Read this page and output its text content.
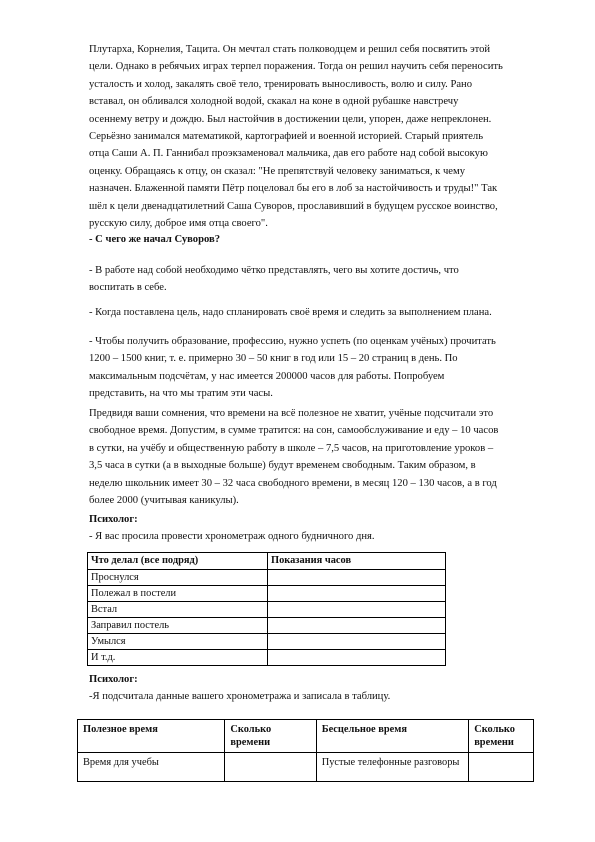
Плутарха, Корнелия, Тацита. Он мечтал стать полководцем и решил себя посвятить этой
цели. Однако в ребячьих играх терпел поражения. Тогда он решил научить себя переносить
усталость и холод, закалять своё тело, тренировать выносливость, волю и силу. Рано
вставал, он обливался холодной водой, скакал на коне в одной рубашке навстречу
осеннему ветру и дождю. Был настойчив в достижении цели, упорен, даже непреклонен.
Серьёзно занимался математикой, картографией и военной историей. Старый приятель
отца Саши А. П. Ганнибал проэкзаменовал мальчика, дав его работе над собой высокую
оценку. Обращаясь к отцу, он сказал: "Не препятствуй человеку заниматься, к чему
назначен. Блаженной памяти Пётр поцеловал бы его в лоб за настойчивость и труды!" Так
шёл к цели двенадцатилетний Саша Суворов, прославивший в будущем русское воинство,
русскую силу, доброе имя отца своего".
- С чего же начал Суворов?
- В работе над собой необходимо чётко представлять, чего вы хотите достичь, что
воспитать в себе.
- Когда поставлена цель, надо спланировать своё время и следить за выполнением плана.
- Чтобы получить образование, профессию, нужно успеть (по оценкам учёных) прочитать
1200 – 1500 книг, т. е. примерно 30 – 50 книг в год или 15 – 20 страниц в день. По
максимальным подсчётам, у нас имеется 200000 часов для работы. Попробуем
представить, на что мы тратим эти часы.
Предвидя ваши сомнения, что времени на всё полезное не хватит, учёные подсчитали это
свободное время. Допустим, в сумме тратится: на сон, самообслуживание и еду – 10 часов
в сутки, на учёбу и общественную работу в школе – 7,5 часов, на приготовление уроков –
3,5 часа в сутки (а в выходные больше) будут временем свободным. Таким образом, в
неделю школьник имеет 30 – 32 часа свободного времени, в месяц 120 – 130 часов, а в год
более 2000 (учитывая каникулы).
Психолог:
- Я вас просила провести хронометраж одного будничного дня.
Что делал (все подряд)	Показания часов
Проснулся	
Полежал в постели	
Встал	
Заправил постель	
Умылся	
И т.д.	
Психолог:
-Я подсчитала данные вашего хронометража и записала в таблицу.
Полезное время	Сколько времени	Бесцельное время	Сколько времени
Время для учебы		Пустые телефонные разговоры	
